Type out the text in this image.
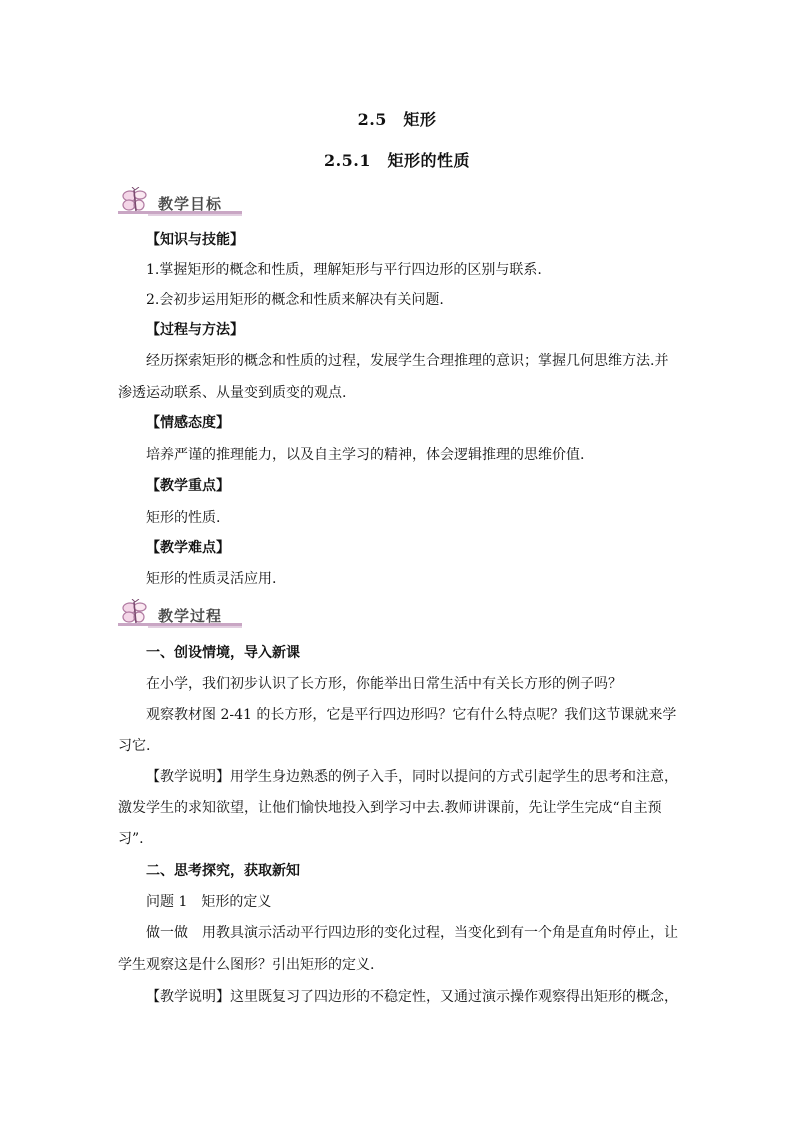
2.5　矩形
2.5.1　矩形的性质
教学目标
【知识与技能】
1.掌握矩形的概念和性质，理解矩形与平行四边形的区别与联系.
2.会初步运用矩形的概念和性质来解决有关问题.
【过程与方法】
经历探索矩形的概念和性质的过程，发展学生合理推理的意识；掌握几何思维方法.并
渗透运动联系、从量变到质变的观点.
【情感态度】
培养严谨的推理能力，以及自主学习的精神，体会逻辑推理的思维价值.
【教学重点】
矩形的性质.
【教学难点】
矩形的性质灵活应用.
教学过程
一、创设情境，导入新课
在小学，我们初步认识了长方形，你能举出日常生活中有关长方形的例子吗？
观察教材图 2-41 的长方形，它是平行四边形吗？它有什么特点呢？我们这节课就来学
习它.
【教学说明】用学生身边熟悉的例子入手，同时以提问的方式引起学生的思考和注意，
激发学生的求知欲望，让他们愉快地投入到学习中去.教师讲课前，先让学生完成“自主预
习”.
二、思考探究，获取新知
问题 1　矩形的定义
做一做　用教具演示活动平行四边形的变化过程，当变化到有一个角是直角时停止，让
学生观察这是什么图形？引出矩形的定义.
【教学说明】这里既复习了四边形的不稳定性，又通过演示操作观察得出矩形的概念，
